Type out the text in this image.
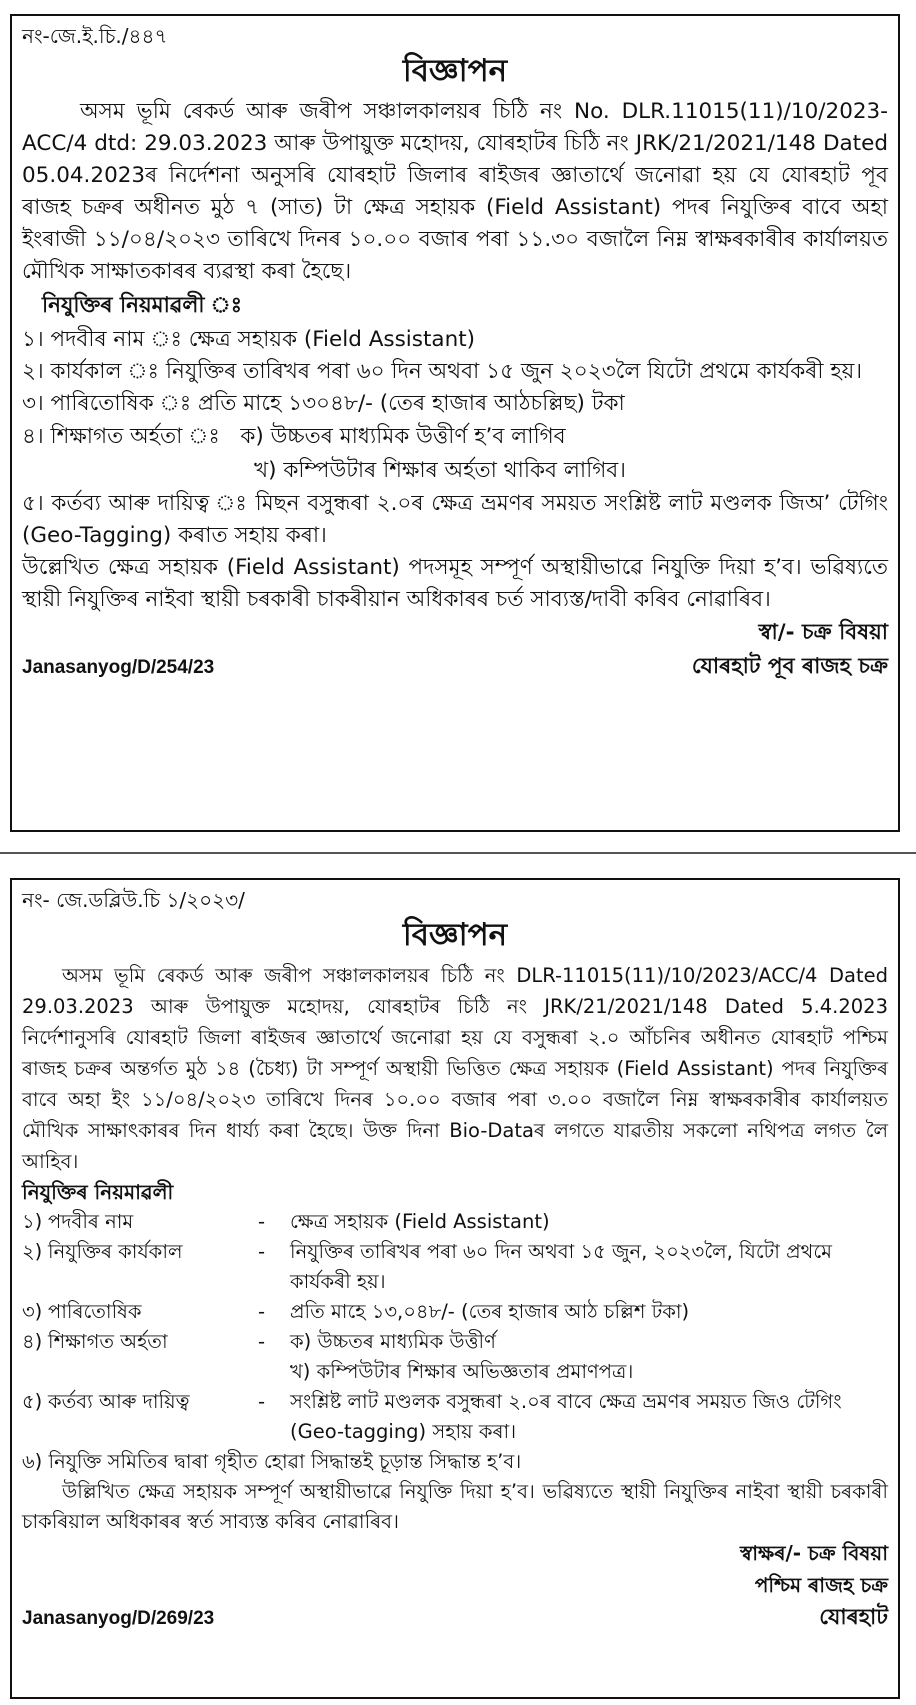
নং-জে.ই.চি./৪৪৭
বিজ্ঞাপন

অসম ভূমি ৰেকৰ্ড আৰু জৰীপ সঞ্চালকালয়ৰ চিঠি নং No. DLR.11015(11)/10/2023-ACC/4 dtd: 29.03.2023 আৰু উপায়ুক্ত মহোদয়, যোৰহাটৰ চিঠি নং JRK/21/2021/148 Dated 05.04.2023ৰ নিৰ্দেশনা অনুসৰি যোৰহাট জিলাৰ ৰাইজৰ জ্ঞাতাৰ্থে জনোৱা হয় যে যোৰহাট পূব ৰাজহ চক্ৰৰ অধীনত মুঠ ৭ (সাত) টা ক্ষেত্ৰ সহায়ক (Field Assistant) পদৰ নিযুক্তিৰ বাবে অহা ইংৰাজী ১১/০৪/২০২৩ তাৰিখে দিনৰ ১০.০০ বজাৰ পৰা ১১.৩০ বজালৈ নিম্ন স্বাক্ষৰকাৰীৰ কাৰ্যালয়ত মৌখিক সাক্ষাতকাৰৰ ব্যৱস্থা কৰা হৈছে।

নিযুক্তিৰ নিয়মাৱলী ঃ

১। পদবীৰ নাম ঃ ক্ষেত্ৰ সহায়ক (Field Assistant)

২। কাৰ্যকাল ঃ নিযুক্তিৰ তাৰিখৰ পৰা ৬০ দিন অথবা ১৫ জুন ২০২৩লৈ যিটো প্ৰথমে কাৰ্যকৰী হয়।

৩। পাৰিতোষিক ঃ প্ৰতি মাহে ১৩০৪৮/- (তেৰ হাজাৰ আঠচল্লিছ) টকা

৪। শিক্ষাগত অৰ্হতা ঃ ক) উচ্চতৰ মাধ্যমিক উত্তীৰ্ণ হ’ব লাগিব
খ) কম্পিউটাৰ শিক্ষাৰ অৰ্হতা থাকিব লাগিব।

৫। কৰ্তব্য আৰু দায়িত্ব ঃ মিছন বসুন্ধৰা ২.০ৰ ক্ষেত্ৰ ভ্ৰমণৰ সময়ত সংশ্লিষ্ট লাট মণ্ডলক জিঅ’ টেগিং (Geo-Tagging) কৰাত সহায় কৰা।

উল্লেখিত ক্ষেত্ৰ সহায়ক (Field Assistant) পদসমূহ সম্পূৰ্ণ অস্থায়ীভাৱে নিযুক্তি দিয়া হ’ব। ভৱিষ্যতে স্থায়ী নিযুক্তিৰ নাইবা স্থায়ী চৰকাৰী চাকৰীয়ান অধিকাৰৰ চৰ্ত সাব্যস্ত/দাবী কৰিব নোৱাৰিব।

স্বা/- চক্ৰ বিষয়া
Janasanyog/D/254/23	যোৰহাট পূব ৰাজহ চক্ৰ
নং- জে.ডব্লিউ.চি ১/২০২৩/
বিজ্ঞাপন

অসম ভূমি ৰেকৰ্ড আৰু জৰীপ সঞ্চালকালয়ৰ চিঠি নং DLR-11015(11)/10/2023/ACC/4 Dated 29.03.2023 আৰু উপায়ুক্ত মহোদয়, যোৰহাটৰ চিঠি নং JRK/21/2021/148 Dated 5.4.2023 নিৰ্দেশানুসৰি যোৰহাট জিলা ৰাইজৰ জ্ঞাতাৰ্থে জনোৱা হয় যে বসুন্ধৰা ২.০ আঁচনিৰ অধীনত যোৰহাট পশ্চিম ৰাজহ চক্ৰৰ অন্তৰ্গত মুঠ ১৪ (চৈধ্য) টা সম্পূৰ্ণ অস্থায়ী ভিত্তিত ক্ষেত্ৰ সহায়ক (Field Assistant) পদৰ নিযুক্তিৰ বাবে অহা ইং ১১/০৪/২০২৩ তাৰিখে দিনৰ ১০.০০ বজাৰ পৰা ৩.০০ বজালৈ নিম্ন স্বাক্ষৰকাৰীৰ কাৰ্যালয়ত মৌখিক সাক্ষাৎকাৰৰ দিন ধাৰ্য্য কৰা হৈছে। উক্ত দিনা Bio-Dataৰ লগতে যাৱতীয় সকলো নথিপত্ৰ লগত লৈ আহিব।

নিযুক্তিৰ নিয়মাৱলী

১) পদবীৰ নাম	-	ক্ষেত্ৰ সহায়ক (Field Assistant)
২) নিযুক্তিৰ কাৰ্যকাল	-	নিযুক্তিৰ তাৰিখৰ পৰা ৬০ দিন অথবা ১৫ জুন, ২০২৩লৈ, যিটো প্ৰথমে
কাৰ্যকৰী হয়।
৩) পাৰিতোষিক	-	প্ৰতি মাহে ১৩,০৪৮/- (তেৰ হাজাৰ আঠ চল্লিশ টকা)
৪) শিক্ষাগত অৰ্হতা	-	ক) উচ্চতৰ মাধ্যমিক উত্তীৰ্ণ
খ) কম্পিউটাৰ শিক্ষাৰ অভিজ্ঞতাৰ প্ৰমাণপত্ৰ।
৫) কৰ্তব্য আৰু দায়িত্ব	-	সংশ্লিষ্ট লাট মণ্ডলক বসুন্ধৰা ২.০ৰ বাবে ক্ষেত্ৰ ভ্ৰমণৰ সময়ত জিও টেগিং
(Geo-tagging) সহায় কৰা।

৬) নিযুক্তি সমিতিৰ দ্বাৰা গৃহীত হোৱা সিদ্ধান্তই চূড়ান্ত সিদ্ধান্ত হ’ব।

উল্লিখিত ক্ষেত্ৰ সহায়ক সম্পূৰ্ণ অস্থায়ীভাৱে নিযুক্তি দিয়া হ’ব। ভৱিষ্যতে স্থায়ী নিযুক্তিৰ নাইবা স্থায়ী চৰকাৰী চাকৰিয়াল অধিকাৰৰ স্বৰ্ত সাব্যস্ত কৰিব নোৱাৰিব।

স্বাক্ষৰ/- চক্ৰ বিষয়া
পশ্চিম ৰাজহ চক্ৰ
Janasanyog/D/269/23	যোৰহাট
